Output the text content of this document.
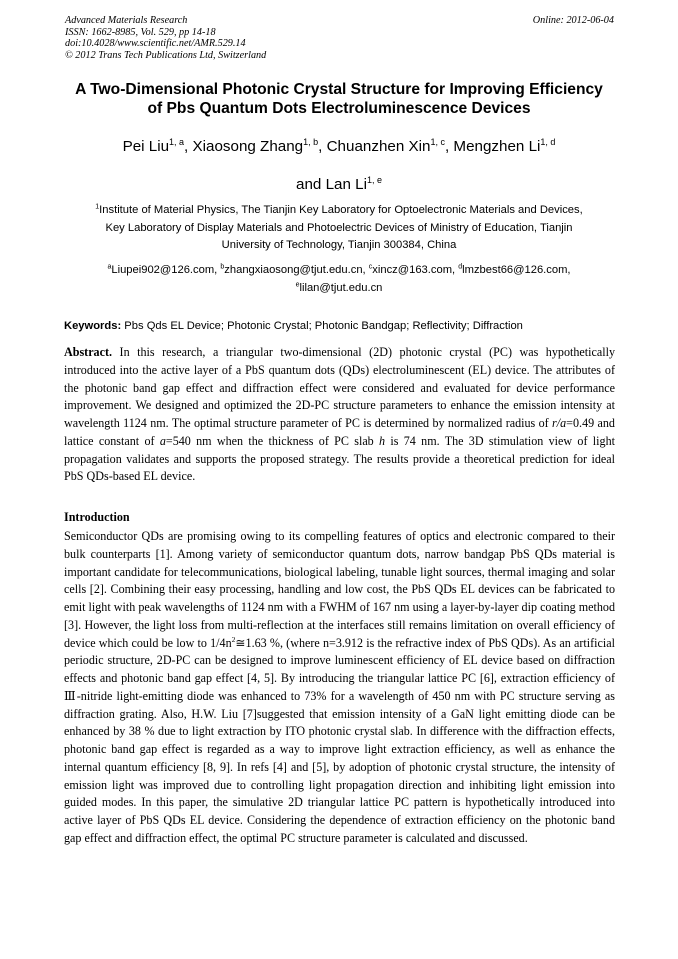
Advanced Materials Research
ISSN: 1662-8985, Vol. 529, pp 14-18
doi:10.4028/www.scientific.net/AMR.529.14
© 2012 Trans Tech Publications Ltd, Switzerland
Online: 2012-06-04
A Two-Dimensional Photonic Crystal Structure for Improving Efficiency
of Pbs Quantum Dots Electroluminescence Devices
Pei Liu$^{1, a}$, Xiaosong Zhang$^{1, b}$, Chuanzhen Xin$^{1, c}$, Mengzhen Li$^{1, d}$
and Lan Li$^{1, e}$
$^1$Institute of Material Physics, The Tianjin Key Laboratory for Optoelectronic Materials and Devices,
Key Laboratory of Display Materials and Photoelectric Devices of Ministry of Education, Tianjin
University of Technology, Tianjin 300384, China
$^a$Liupei902@126.com, $^b$zhangxiaosong@tjut.edu.cn, $^c$xincz@163.com, $^d$lmzbest66@126.com,
$^e$lilan@tjut.edu.cn
Keywords: Pbs Qds EL Device; Photonic Crystal; Photonic Bandgap; Reflectivity; Diffraction
Abstract. In this research, a triangular two-dimensional (2D) photonic crystal (PC) was hypothetically introduced into the active layer of a PbS quantum dots (QDs) electroluminescent (EL) device. The attributes of the photonic band gap effect and diffraction effect were considered and evaluated for device performance improvement. We designed and optimized the 2D-PC structure parameters to enhance the emission intensity at wavelength 1124 nm. The optimal structure parameter of PC is determined by normalized radius of r/a=0.49 and lattice constant of a=540 nm when the thickness of PC slab h is 74 nm. The 3D stimulation view of light propagation validates and supports the proposed strategy. The results provide a theoretical prediction for ideal PbS QDs-based EL device.
Introduction
Semiconductor QDs are promising owing to its compelling features of optics and electronic compared to their bulk counterparts [1]. Among variety of semiconductor quantum dots, narrow bandgap PbS QDs material is important candidate for telecommunications, biological labeling, tunable light sources, thermal imaging and solar cells [2]. Combining their easy processing, handling and low cost, the PbS QDs EL devices can be fabricated to emit light with peak wavelengths of 1124 nm with a FWHM of 167 nm using a layer-by-layer dip coating method [3]. However, the light loss from multi-reflection at the interfaces still remains limitation on overall efficiency of device which could be low to $1/4n^2≅1.63$ %, (where n=3.912 is the refractive index of PbS QDs). As an artificial periodic structure, 2D-PC can be designed to improve luminescent efficiency of EL device based on diffraction effects and photonic band gap effect [4, 5]. By introducing the triangular lattice PC [6], extraction efficiency of Ⅲ-nitride light-emitting diode was enhanced to 73% for a wavelength of 450 nm with PC structure serving as diffraction grating. Also, H.W. Liu [7]suggested that emission intensity of a GaN light emitting diode can be enhanced by 38 % due to light extraction by ITO photonic crystal slab. In difference with the diffraction effects, photonic band gap effect is regarded as a way to improve light extraction efficiency, as well as enhance the internal quantum efficiency [8, 9]. In refs [4] and [5], by adoption of photonic crystal structure, the intensity of emission light was improved due to controlling light propagation direction and inhibiting light emission into guided modes. In this paper, the simulative 2D triangular lattice PC pattern is hypothetically introduced into active layer of PbS QDs EL device. Considering the dependence of extraction efficiency on the photonic band gap effect and diffraction effect, the optimal PC structure parameter is calculated and discussed.
